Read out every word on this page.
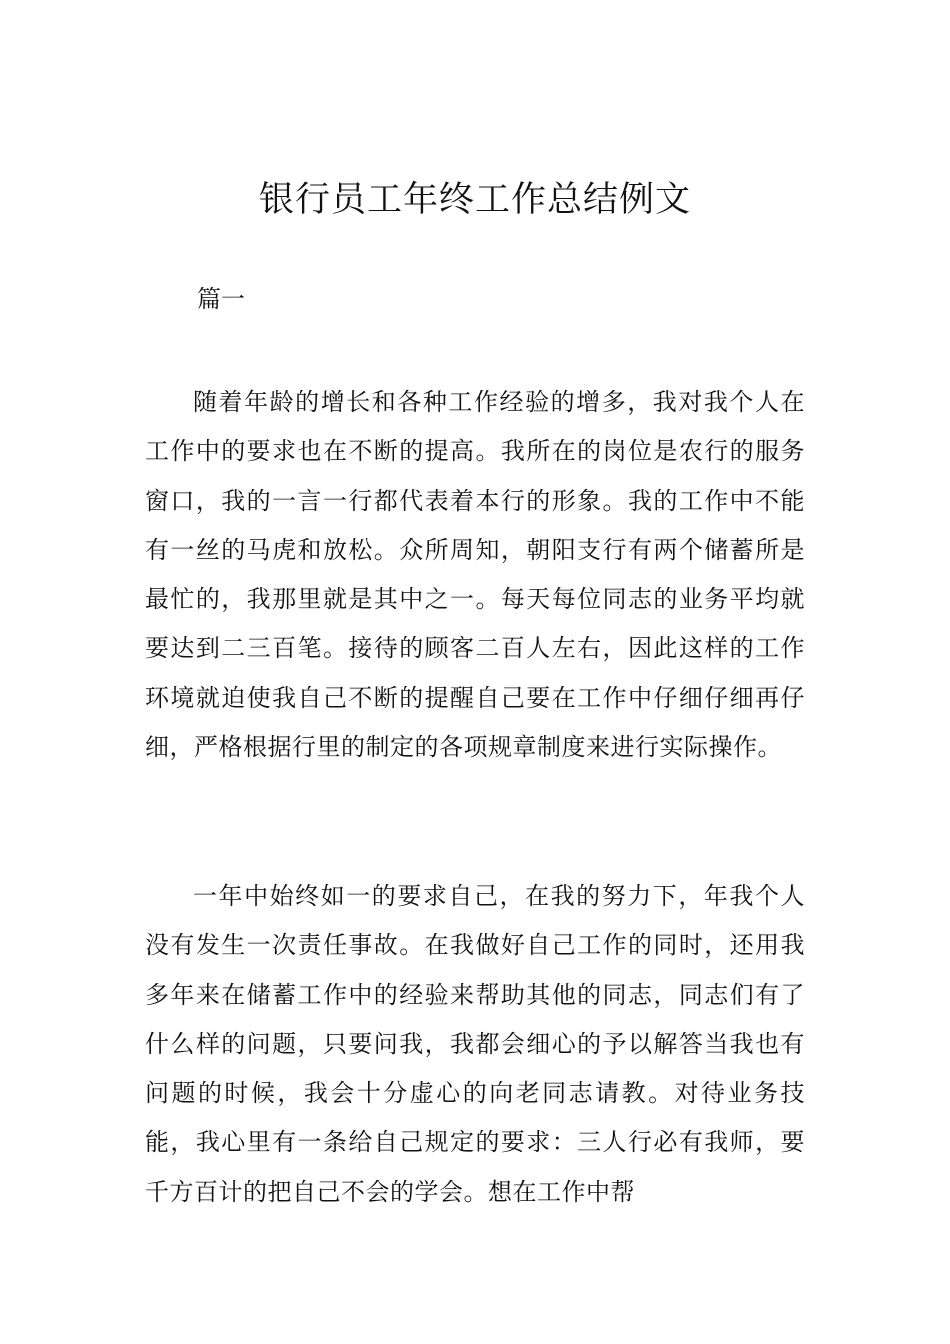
银行员工年终工作总结例文

篇一

随着年龄的增长和各种工作经验的增多，我对我个人在工作中的要求也在不断的提高。我所在的岗位是农行的服务窗口，我的一言一行都代表着本行的形象。我的工作中不能有一丝的马虎和放松。众所周知，朝阳支行有两个储蓄所是最忙的，我那里就是其中之一。每天每位同志的业务平均就要达到二三百笔。接待的顾客二百人左右，因此这样的工作环境就迫使我自己不断的提醒自己要在工作中仔细仔细再仔细，严格根据行里的制定的各项规章制度来进行实际操作。

一年中始终如一的要求自己，在我的努力下，年我个人没有发生一次责任事故。在我做好自己工作的同时，还用我多年来在储蓄工作中的经验来帮助其他的同志，同志们有了什么样的问题，只要问我，我都会细心的予以解答当我也有问题的时候，我会十分虚心的向老同志请教。对待业务技能，我心里有一条给自己规定的要求：三人行必有我师，要千方百计的把自己不会的学会。想在工作中帮
